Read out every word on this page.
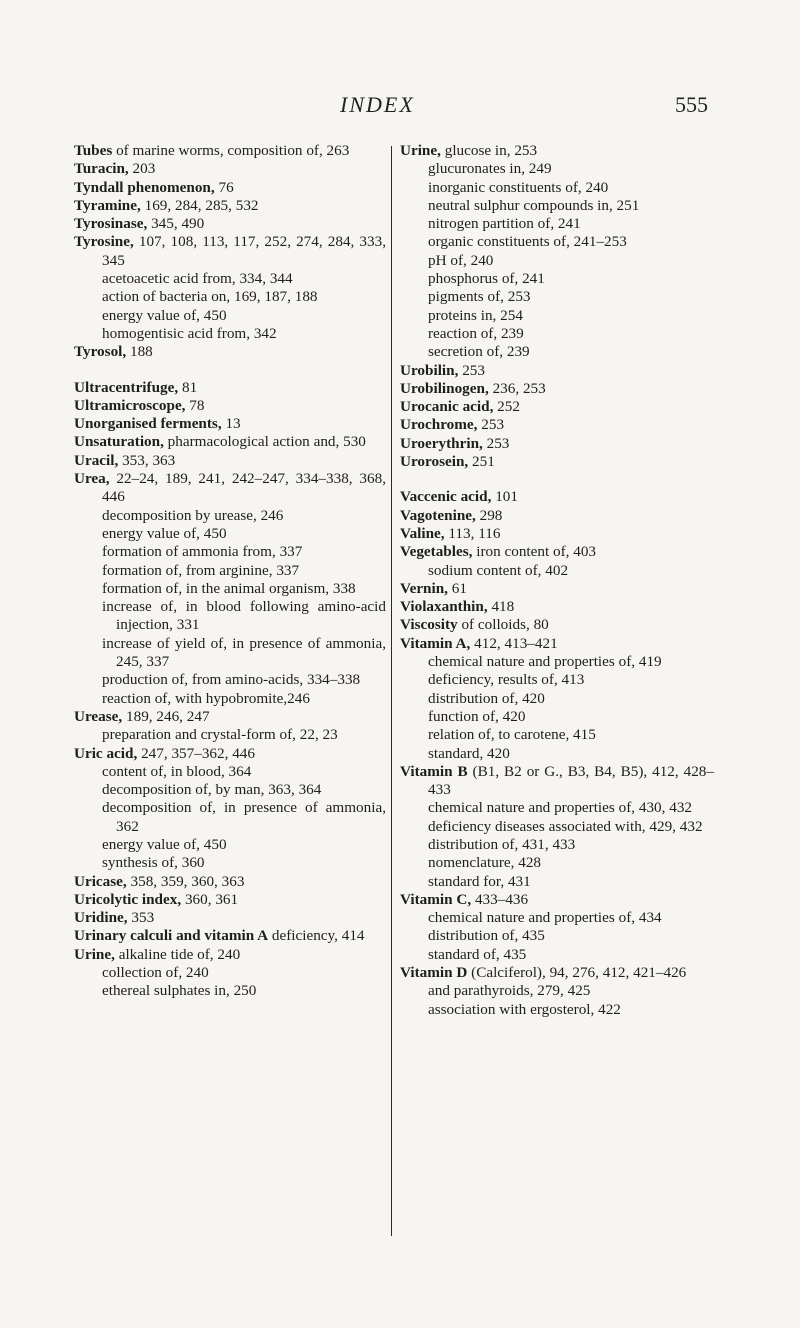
INDEX	555
Tubes of marine worms, composition of, 263
Turacin, 203
Tyndall phenomenon, 76
Tyramine, 169, 284, 285, 532
Tyrosinase, 345, 490
Tyrosine, 107, 108, 113, 117, 252, 274, 284, 333, 345
acetoacetic acid from, 334, 344
action of bacteria on, 169, 187, 188
energy value of, 450
homogentisic acid from, 342
Tyrosol, 188
Ultracentrifuge, 81
Ultramicroscope, 78
Unorganised ferments, 13
Unsaturation, pharmacological action and, 530
Uracil, 353, 363
Urea, 22–24, 189, 241, 242–247, 334–338, 368, 446
decomposition by urease, 246
energy value of, 450
formation of ammonia from, 337
formation of, from arginine, 337
formation of, in the animal organism, 338
increase of, in blood following amino-acid injection, 331
increase of yield of, in presence of ammonia, 245, 337
production of, from amino-acids, 334–338
reaction of, with hypobromite,246
Urease, 189, 246, 247
preparation and crystal-form of, 22, 23
Uric acid, 247, 357–362, 446
content of, in blood, 364
decomposition of, by man, 363, 364
decomposition of, in presence of ammonia, 362
energy value of, 450
synthesis of, 360
Uricase, 358, 359, 360, 363
Uricolytic index, 360, 361
Uridine, 353
Urinary calculi and vitamin A deficiency, 414
Urine, alkaline tide of, 240
collection of, 240
ethereal sulphates in, 250
Urine, glucose in, 253
glucuronates in, 249
inorganic constituents of, 240
neutral sulphur compounds in, 251
nitrogen partition of, 241
organic constituents of, 241–253
pH of, 240
phosphorus of, 241
pigments of, 253
proteins in, 254
reaction of, 239
secretion of, 239
Urobilin, 253
Urobilinogen, 236, 253
Urocanic acid, 252
Urochrome, 253
Uroerythrin, 253
Urorosein, 251
Vaccenic acid, 101
Vagotenine, 298
Valine, 113, 116
Vegetables, iron content of, 403
sodium content of, 402
Vernin, 61
Violaxanthin, 418
Viscosity of colloids, 80
Vitamin A, 412, 413–421
chemical nature and properties of, 419
deficiency, results of, 413
distribution of, 420
function of, 420
relation of, to carotene, 415
standard, 420
Vitamin B (B1, B2 or G., B3, B4, B5), 412, 428–433
chemical nature and properties of, 430, 432
deficiency diseases associated with, 429, 432
distribution of, 431, 433
nomenclature, 428
standard for, 431
Vitamin C, 433–436
chemical nature and properties of, 434
distribution of, 435
standard of, 435
Vitamin D (Calciferol), 94, 276, 412, 421–426
and parathyroids, 279, 425
association with ergosterol, 422
